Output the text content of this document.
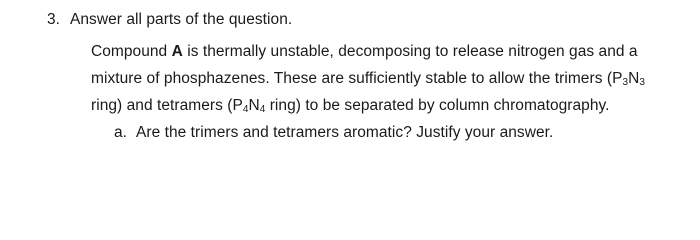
3. Answer all parts of the question.
Compound A is thermally unstable, decomposing to release nitrogen gas and a
mixture of phosphazenes. These are sufficiently stable to allow the trimers ($P_3N_3$
ring) and tetramers ($P_4N_4$ ring) to be separated by column chromatography.
a. Are the trimers and tetramers aromatic? Justify your answer.
